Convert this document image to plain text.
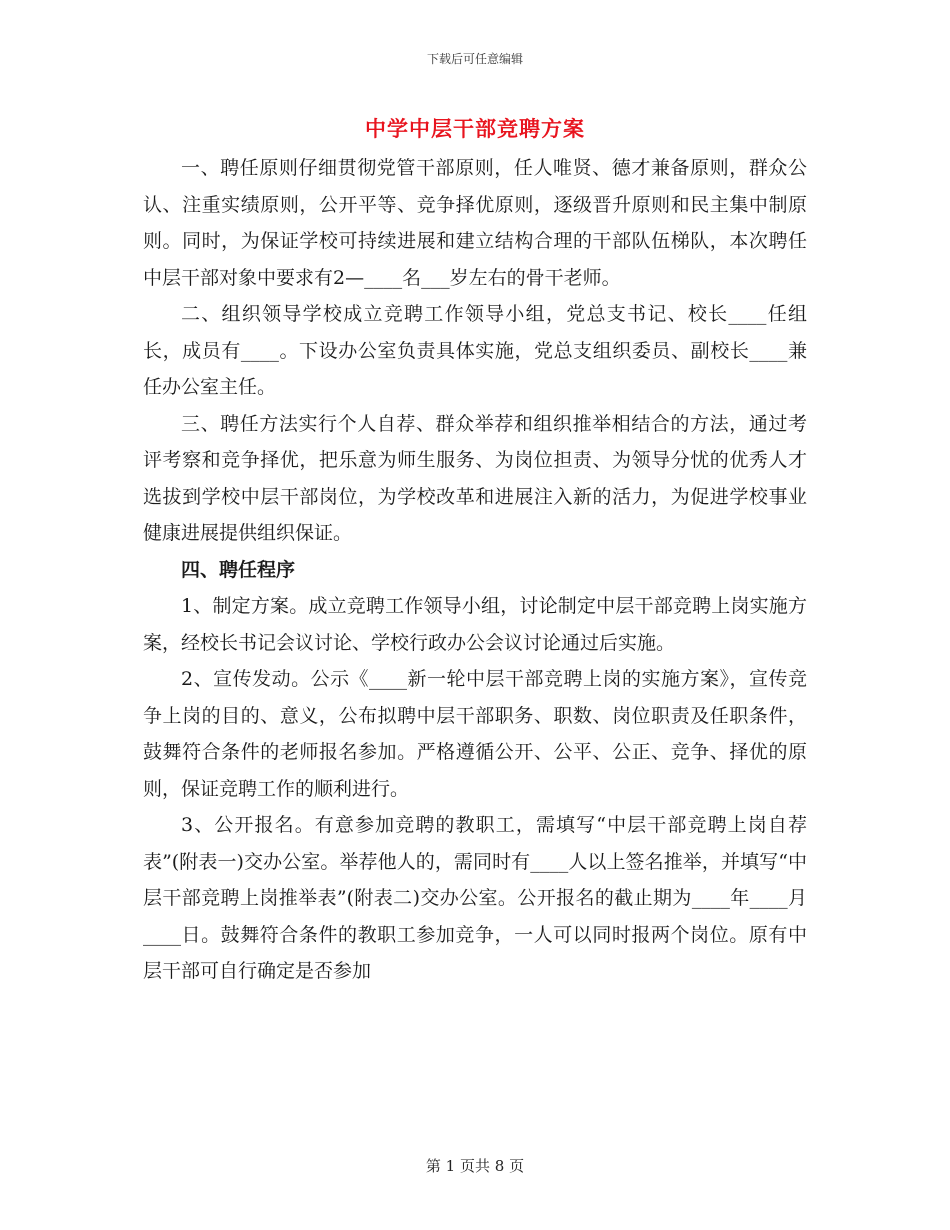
下载后可任意编辑
中学中层干部竞聘方案

一、聘任原则仔细贯彻党管干部原则，任人唯贤、德才兼备原则，群众公认、注重实绩原则，公开平等、竞争择优原则，逐级晋升原则和民主集中制原则。同时，为保证学校可持续进展和建立结构合理的干部队伍梯队，本次聘任中层干部对象中要求有2—____名___岁左右的骨干老师。

二、组织领导学校成立竞聘工作领导小组，党总支书记、校长____任组长，成员有____。下设办公室负责具体实施，党总支组织委员、副校长____兼任办公室主任。

三、聘任方法实行个人自荐、群众举荐和组织推举相结合的方法，通过考评考察和竞争择优，把乐意为师生服务、为岗位担责、为领导分忧的优秀人才选拔到学校中层干部岗位，为学校改革和进展注入新的活力，为促进学校事业健康进展提供组织保证。

四、聘任程序

1、制定方案。成立竞聘工作领导小组，讨论制定中层干部竞聘上岗实施方案，经校长书记会议讨论、学校行政办公会议讨论通过后实施。

2、宣传发动。公示《____新一轮中层干部竞聘上岗的实施方案》，宣传竞争上岗的目的、意义，公布拟聘中层干部职务、职数、岗位职责及任职条件，鼓舞符合条件的老师报名参加。严格遵循公开、公平、公正、竞争、择优的原则，保证竞聘工作的顺利进行。

3、公开报名。有意参加竞聘的教职工，需填写“中层干部竞聘上岗自荐表”(附表一)交办公室。举荐他人的，需同时有____人以上签名推举，并填写“中层干部竞聘上岗推举表”(附表二)交办公室。公开报名的截止期为____年____月____日。鼓舞符合条件的教职工参加竞争，一人可以同时报两个岗位。原有中层干部可自行确定是否参加

第 1 页共 8 页
